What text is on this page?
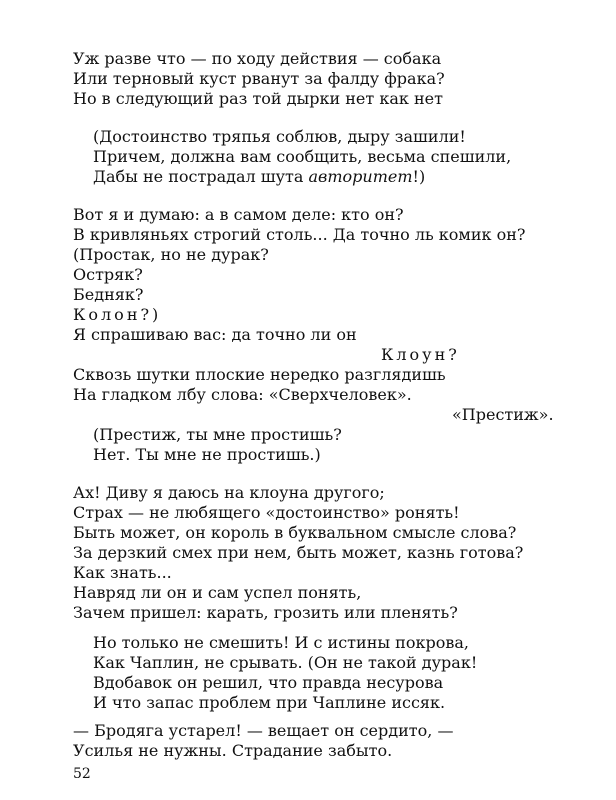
Уж разве что — по ходу действия — собака
Или терновый куст рванут за фалду фрака?
Но в следующий раз той дырки нет как нет
(Достоинство тряпья соблюв, дыру зашили!
Причем, должна вам сообщить, весьма спешили,
Дабы не пострадал шута авторитет!)
Вот я и думаю: а в самом деле: кто он?
В кривляньях строгий столь... Да точно ль комик он?
(Простак, но не дурак?
Остряк?
Бедняк?
Колон?)
Я спрашиваю вас: да точно ли он
Клоун?
Сквозь шутки плоские нередко разглядишь
На гладком лбу слова: «Сверхчеловек».
«Престиж».
(Престиж, ты мне простишь?
Нет. Ты мне не простишь.)
Ах! Диву я даюсь на клоуна другого;
Страх — не любящего «достоинство» ронять!
Быть может, он король в буквальном смысле слова?
За дерзкий смех при нем, быть может, казнь готова?
Как знать...
Навряд ли он и сам успел понять,
Зачем пришел: карать, грозить или пленять?
Но только не смешить! И с истины покрова,
Как Чаплин, не срывать. (Он не такой дурак!
Вдобавок он решил, что правда несурова
И что запас проблем при Чаплине иссяк.
— Бродяга устарел! — вещает он сердито, —
Усилья не нужны. Страдание забыто.
52
